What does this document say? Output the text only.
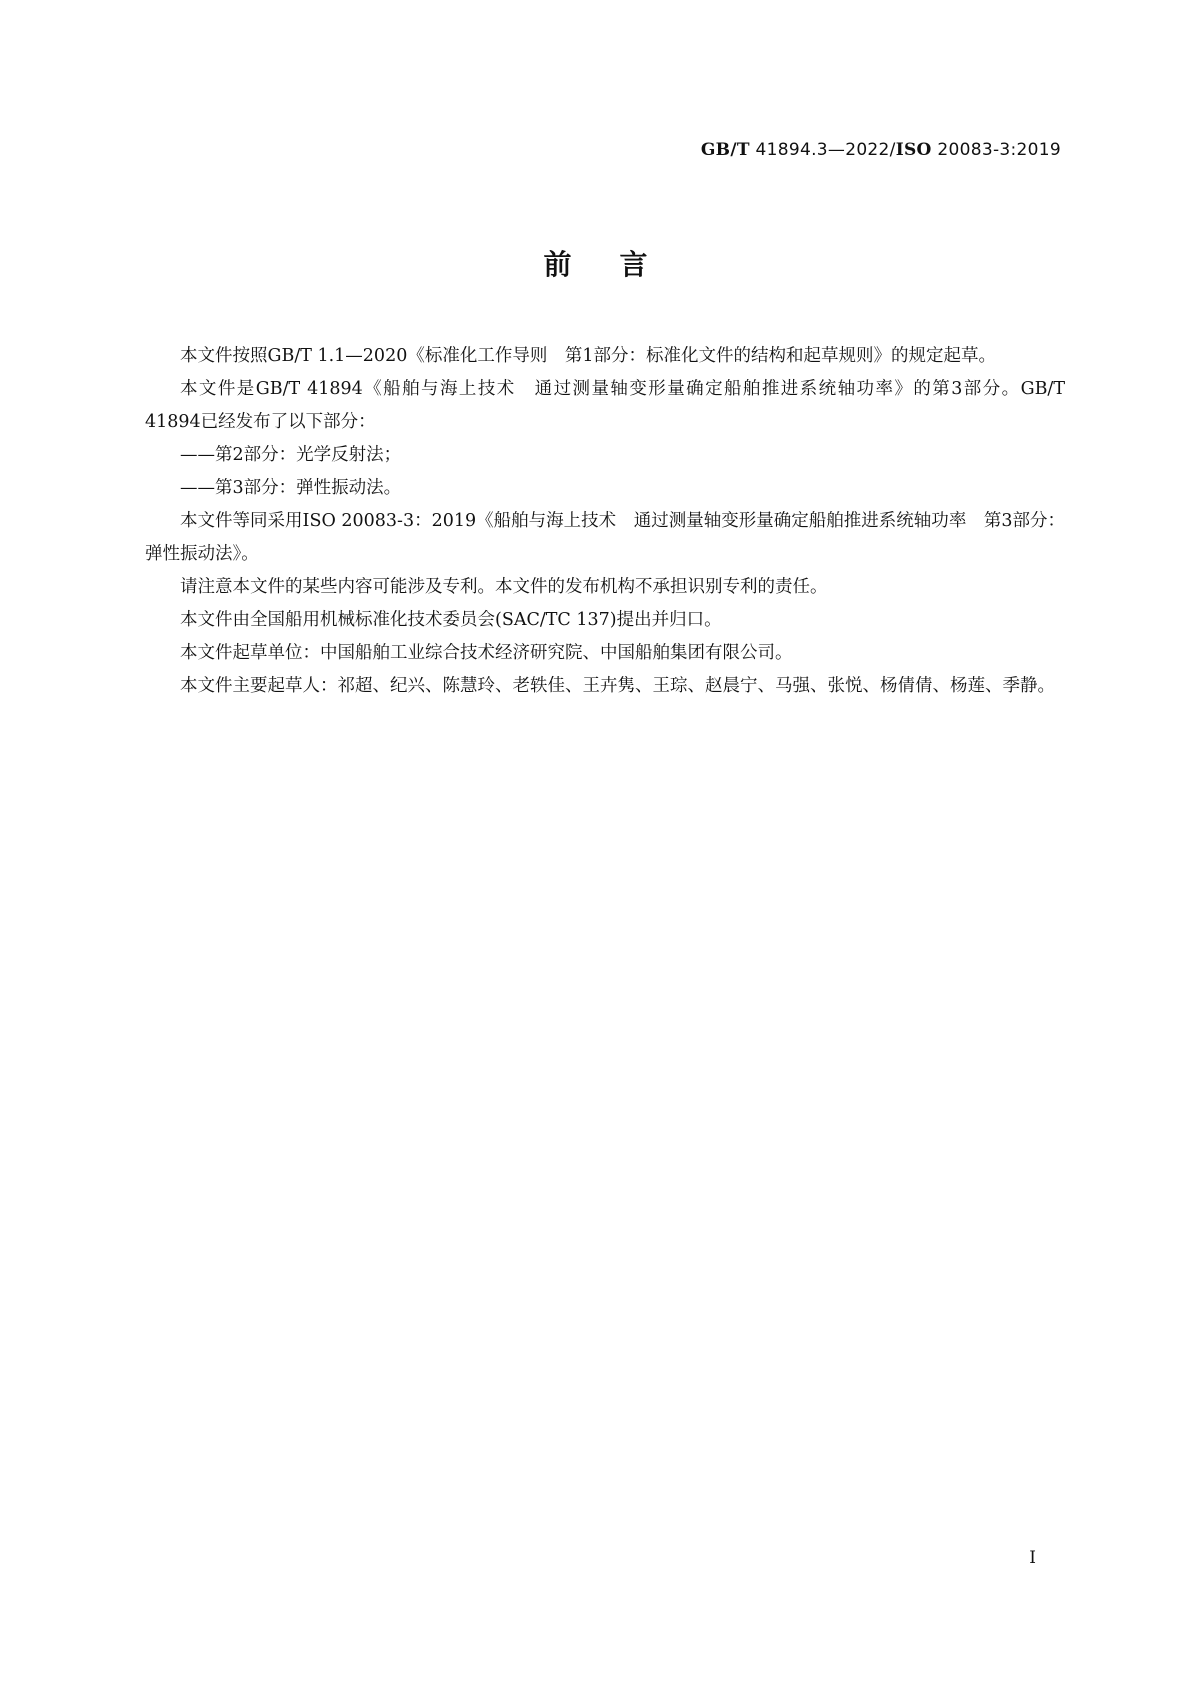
GB/T 41894.3—2022/ISO 20083-3:2019
前言

本文件按照GB/T 1.1—2020《标准化工作导则　第1部分：标准化文件的结构和起草规则》的规定起草。

本文件是GB/T 41894《船舶与海上技术　通过测量轴变形量确定船舶推进系统轴功率》的第3部分。GB/T 41894已经发布了以下部分：

——第2部分：光学反射法；

——第3部分：弹性振动法。

本文件等同采用ISO 20083-3：2019《船舶与海上技术　通过测量轴变形量确定船舶推进系统轴功率　第3部分：弹性振动法》。

请注意本文件的某些内容可能涉及专利。本文件的发布机构不承担识别专利的责任。

本文件由全国船用机械标准化技术委员会(SAC/TC 137)提出并归口。

本文件起草单位：中国船舶工业综合技术经济研究院、中国船舶集团有限公司。

本文件主要起草人：祁超、纪兴、陈慧玲、老轶佳、王卉隽、王琮、赵晨宁、马强、张悦、杨倩倩、杨莲、季静。

I
